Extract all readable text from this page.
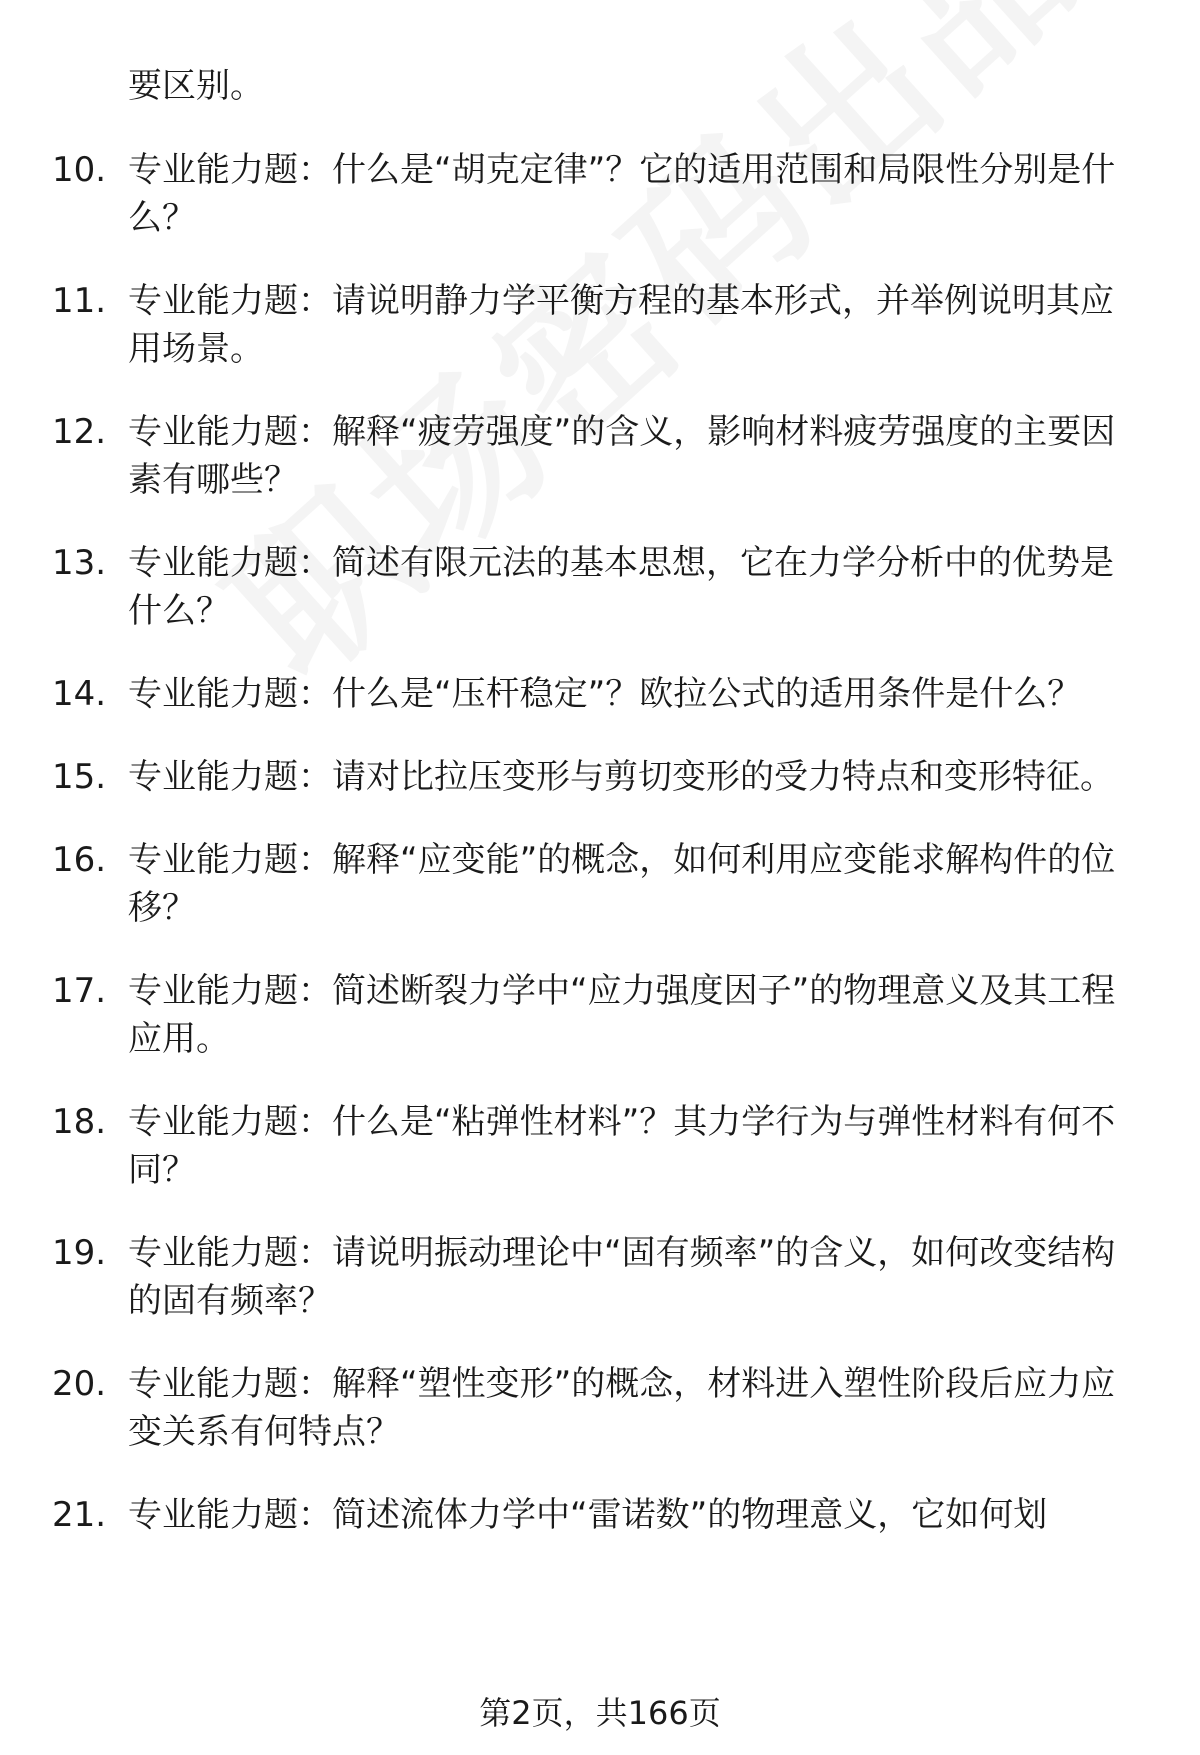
要区别。

10. 专业能力题：什么是“胡克定律”？它的适用范围和局限性分别是什么？
11. 专业能力题：请说明静力学平衡方程的基本形式，并举例说明其应用场景。
12. 专业能力题：解释“疲劳强度”的含义，影响材料疲劳强度的主要因素有哪些？
13. 专业能力题：简述有限元法的基本思想，它在力学分析中的优势是什么？
14. 专业能力题：什么是“压杆稳定”？欧拉公式的适用条件是什么？
15. 专业能力题：请对比拉压变形与剪切变形的受力特点和变形特征。
16. 专业能力题：解释“应变能”的概念，如何利用应变能求解构件的位移？
17. 专业能力题：简述断裂力学中“应力强度因子”的物理意义及其工程应用。
18. 专业能力题：什么是“粘弹性材料”？其力学行为与弹性材料有何不同？
19. 专业能力题：请说明振动理论中“固有频率”的含义，如何改变结构的固有频率？
20. 专业能力题：解释“塑性变形”的概念，材料进入塑性阶段后应力应变关系有何特点？
21. 专业能力题：简述流体力学中“雷诺数”的物理意义，它如何划
第2页，共166页
